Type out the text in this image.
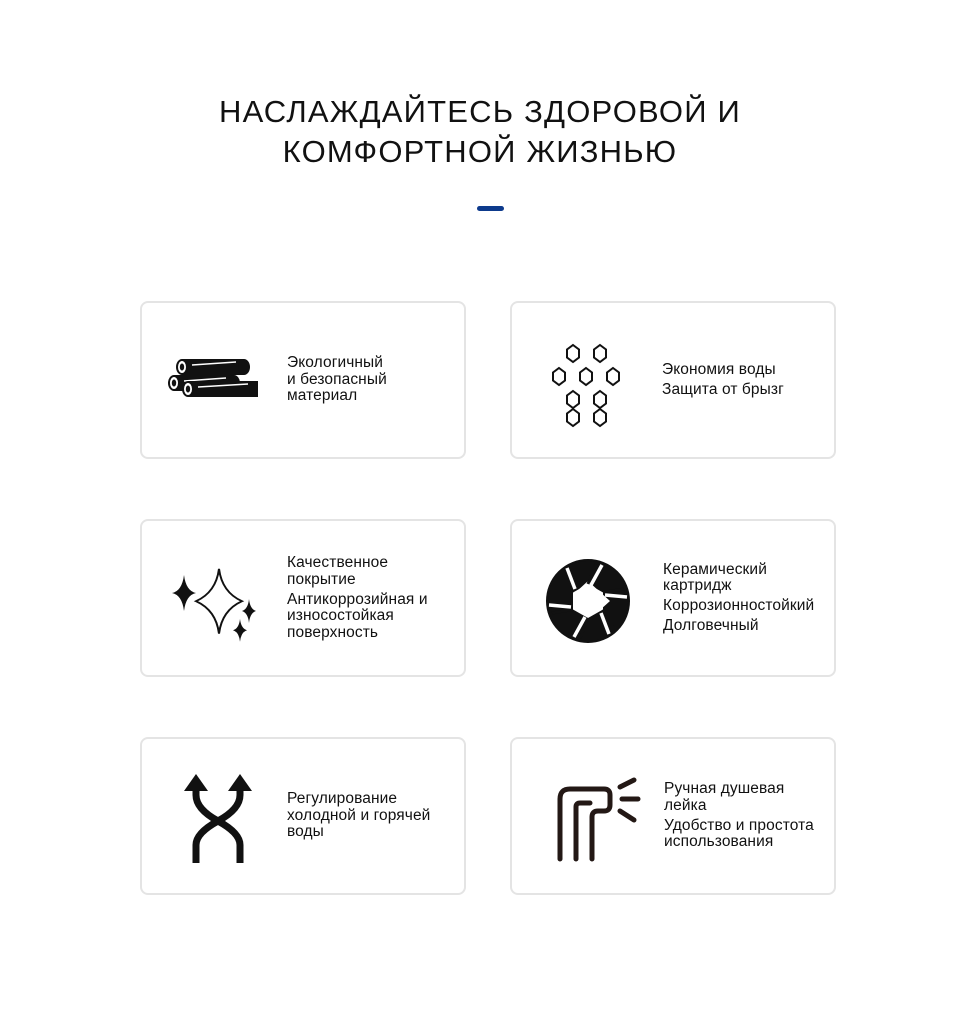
НАСЛАЖДАЙТЕСЬ ЗДОРОВОЙ И
КОМФОРТНОЙ ЖИЗНЬЮ
Экологичный
и безопасный
материал
Экономия воды
Защита от брызг
Качественное
покрытие
Антикоррозийная и
износостойкая
поверхность
Керамический
картридж
Коррозионностойкий
Долговечный
Регулирование
холодной и горячей
воды
Ручная душевая
лейка
Удобство и простота
использования
